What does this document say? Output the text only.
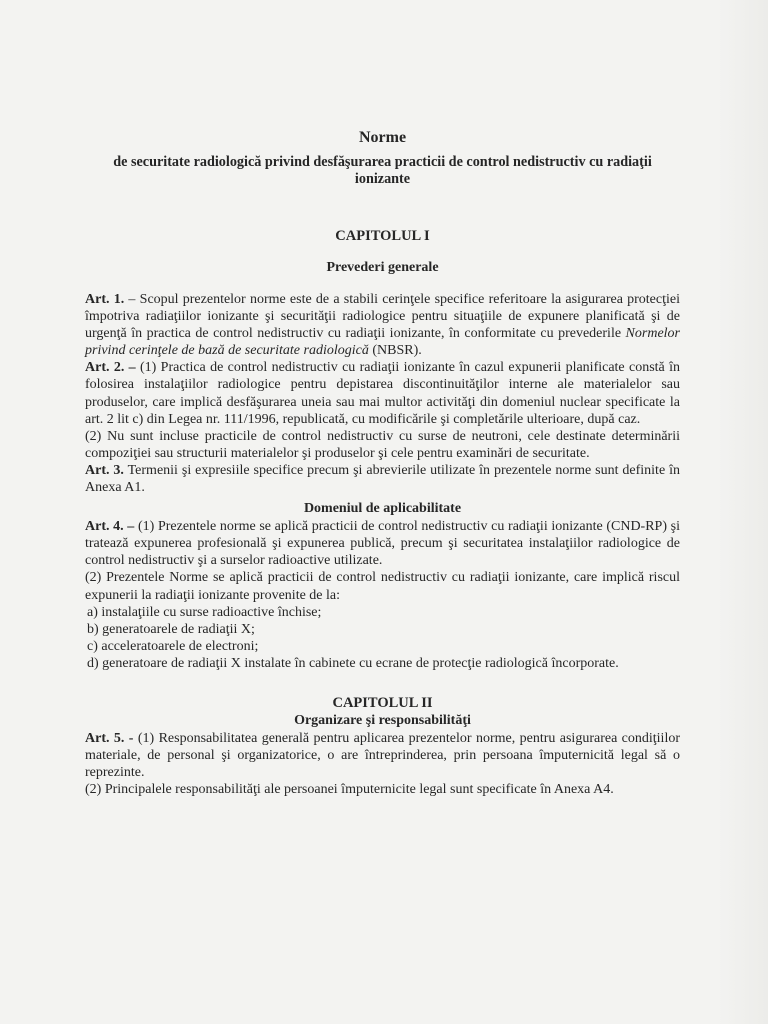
Norme

de securitate radiologică privind desfăşurarea practicii de control nedistructiv cu radiaţii ionizante

CAPITOLUL I
Prevederi generale

Art. 1. – Scopul prezentelor norme este de a stabili cerinţele specifice referitoare la asigurarea protecţiei împotriva radiaţiilor ionizante şi securităţii radiologice pentru situaţiile de expunere planificată şi de urgenţă în practica de control nedistructiv cu radiaţii ionizante, în conformitate cu prevederile Normelor privind cerinţele de bază de securitate radiologică (NBSR).

Art. 2. – (1) Practica de control nedistructiv cu radiaţii ionizante în cazul expunerii planificate constă în folosirea instalaţiilor radiologice pentru depistarea discontinuităţilor interne ale materialelor sau produselor, care implică desfăşurarea uneia sau mai multor activităţi din domeniul nuclear specificate la art. 2 lit c) din Legea nr. 111/1996, republicată, cu modificările şi completările ulterioare, după caz.

(2) Nu sunt incluse practicile de control nedistructiv cu surse de neutroni, cele destinate determinării compoziţiei sau structurii materialelor şi produselor şi cele pentru examinări de securitate.

Art. 3. Termenii şi expresiile specifice precum şi abrevierile utilizate în prezentele norme sunt definite în Anexa A1.

Domeniul de aplicabilitate

Art. 4. – (1) Prezentele norme se aplică practicii de control nedistructiv cu radiaţii ionizante (CND-RP) şi tratează expunerea profesională şi expunerea publică, precum şi securitatea instalaţiilor radiologice de control nedistructiv şi a surselor radioactive utilizate.

(2) Prezentele Norme se aplică practicii de control nedistructiv cu radiaţii ionizante, care implică riscul expunerii la radiaţii ionizante provenite de la:

a) instalaţiile cu surse radioactive închise;

b) generatoarele de radiaţii X;

c) acceleratoarele de electroni;

d) generatoare de radiaţii X instalate în cabinete cu ecrane de protecţie radiologică încorporate.

CAPITOLUL II
Organizare şi responsabilităţi

Art. 5. - (1) Responsabilitatea generală pentru aplicarea prezentelor norme, pentru asigurarea condiţiilor materiale, de personal şi organizatorice, o are întreprinderea, prin persoana împuternicită legal să o reprezinte.

(2) Principalele responsabilităţi ale persoanei împuternicite legal sunt specificate în Anexa A4.
